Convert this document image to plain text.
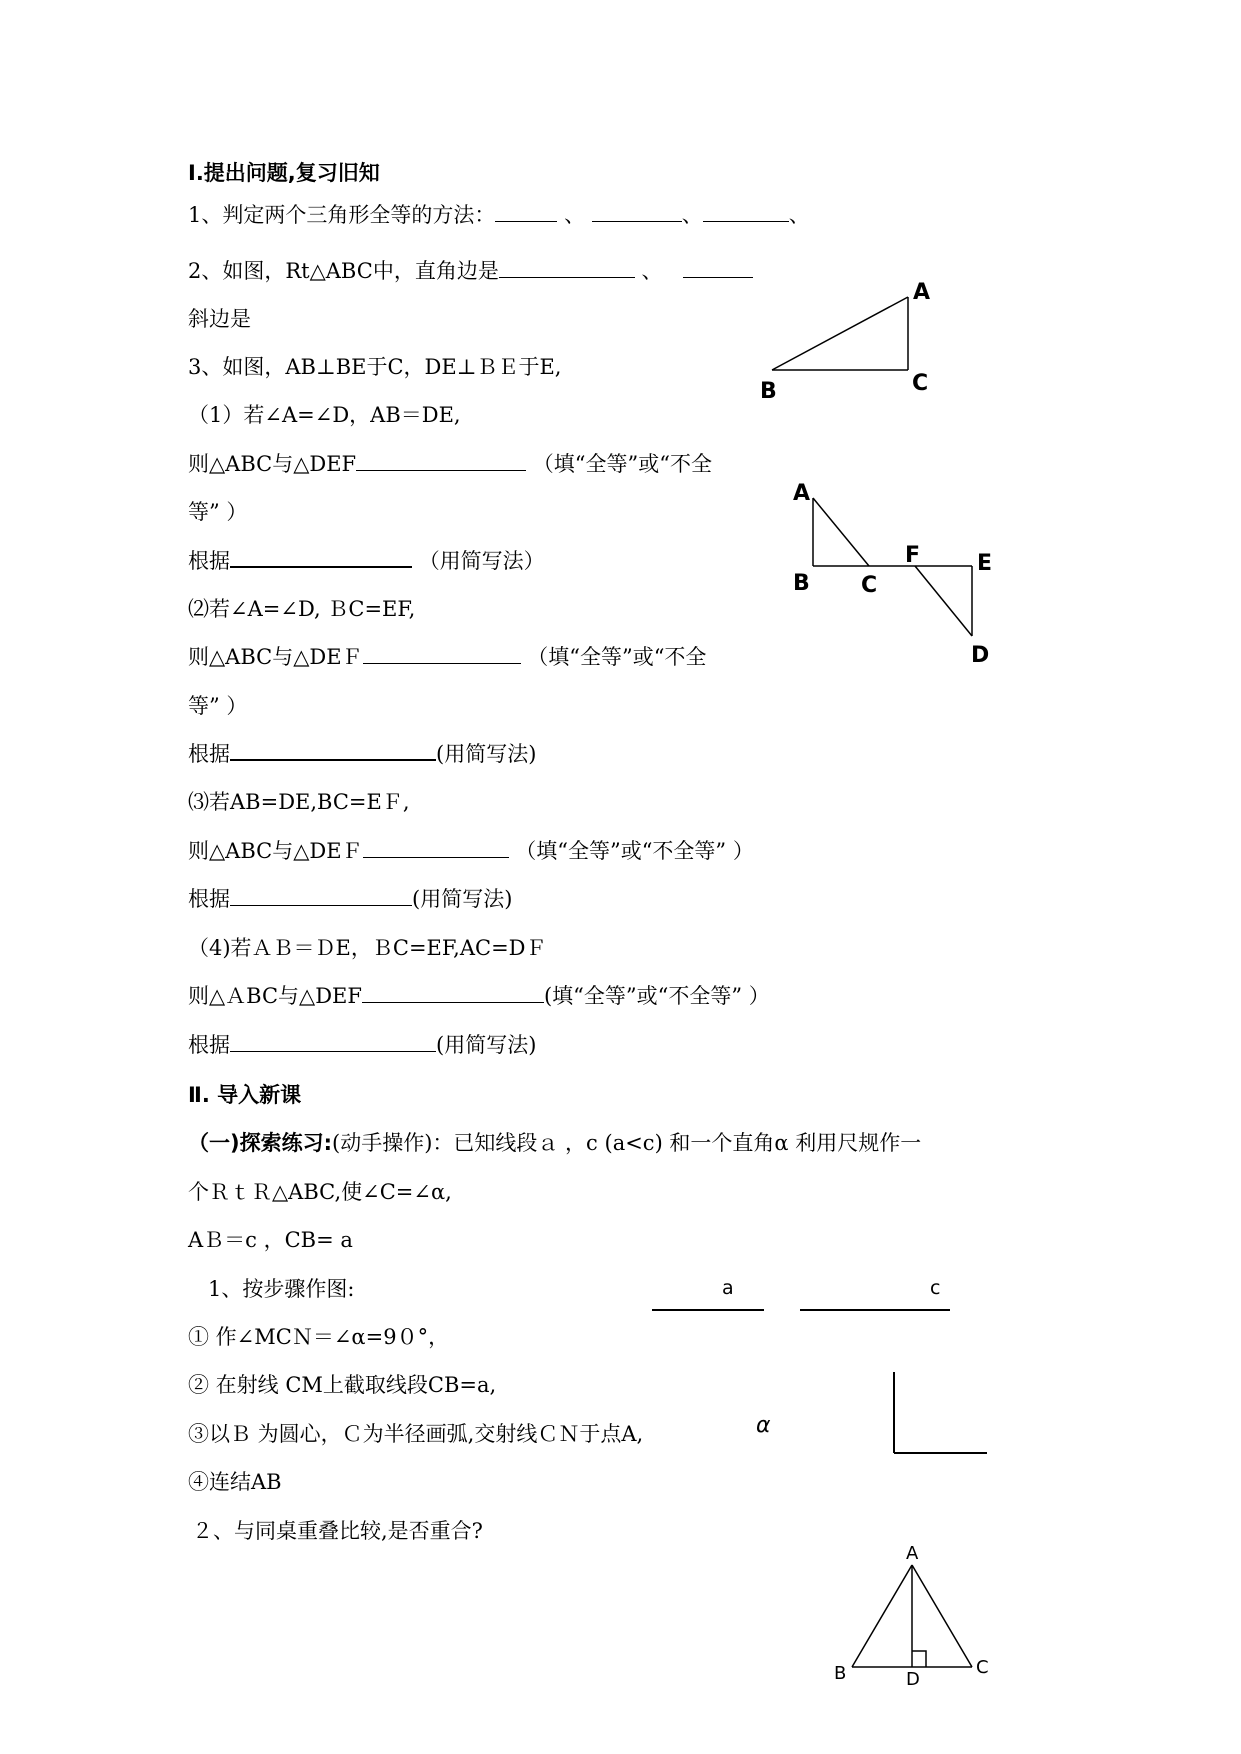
Ⅰ.提出问题,复习旧知
1、判定两个三角形全等的方法：	、	、	、
2、如图，Rt△ABC中，直角边是	、
斜边是
3、如图，AB⊥BE于C，DE⊥ＢＥ于E,
（1）若∠A=∠D，AB＝DE,
则△ABC与△DEF	（填“全等”或“不全
等” ）
根据	（用简写法）
⑵若∠A=∠D, ＢC=EF,
则△ABC与△DEＦ	（填“全等”或“不全
等” ）
根据	(用简写法)
⑶若AB=DE,BC=EＦ,
则△ABC与△DEＦ	（填“全等”或“不全等” ）
根据	(用简写法)
（4)若ＡＢ＝ＤE，ＢC=EF,AC=DＦ
则△ＡBC与△DEF	(填“全等”或“不全等” ）
根据	(用简写法)
Ⅱ. 导入新课
（一)探索练习:(动手操作)：已知线段ａ ，c (a<c) 和一个直角α 利用尺规作一
个ＲｔＲ△ABC,使∠C=∠α,
AＢ＝c ，CB= a
1、按步骤作图:
① 作∠MCＮ＝∠α=9０°，
② 在射线 CM上截取线段CB=a,
③以Ｂ 为圆心，Ｃ为半径画弧,交射线ＣＮ于点A,
④连结AB
２、与同桌重叠比较,是否重合?
A
B	C
A
B C
F	E
D
a	c
α
A
B	C
D
